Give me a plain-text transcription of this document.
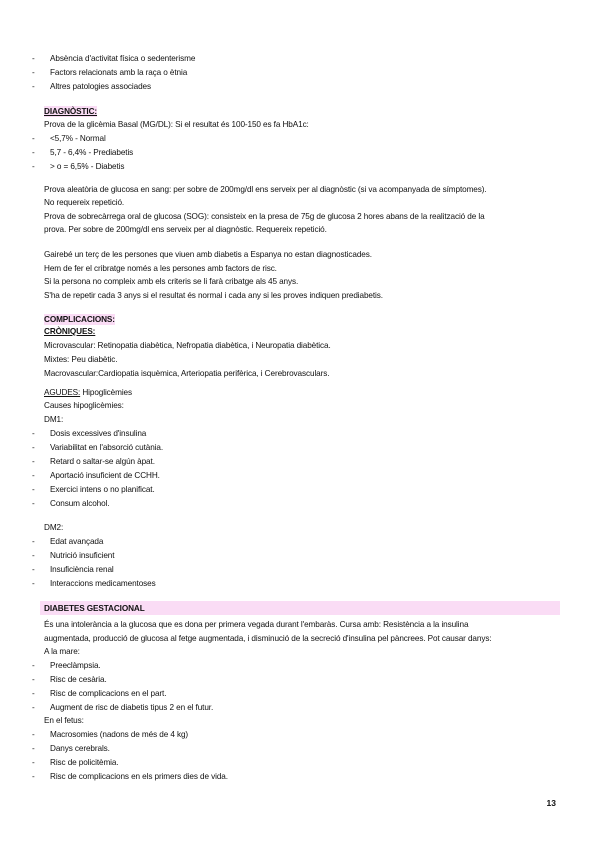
- Absència d'activitat física o sedenterisme
- Factors relacionats amb la raça o ètnia
- Altres patologies associades
DIAGNÒSTIC:
Prova de la glicèmia Basal (MG/DL): Si el resultat és 100-150 es fa HbA1c:
- <5,7% - Normal
- 5,7 - 6,4% - Prediabetis
- > o = 6,5% - Diabetis
Prova aleatòria de glucosa en sang: per sobre de 200mg/dl ens serveix per al diagnòstic (si va acompanyada de símptomes).
No requereix repetició.
Prova de sobrecàrrega oral de glucosa (SOG): consisteix en la presa de 75g de glucosa 2 hores abans de la realització de la
prova. Per sobre de 200mg/dl ens serveix per al diagnòstic. Requereix repetició.
Gairebé un terç de les persones que viuen amb diabetis a Espanya no estan diagnosticades.
Hem de fer el cribratge només a les persones amb factors de risc.
Si la persona no compleix amb els criteris se li farà cribatge als 45 anys.
S'ha de repetir cada 3 anys si el resultat és normal i cada any si les proves indiquen prediabetis.
COMPLICACIONS:
CRÒNIQUES:
Microvascular: Retinopatia diabètica, Nefropatia diabètica, i Neuropatia diabètica.
Mixtes: Peu diabètic.
Macrovascular:Cardiopatia isquèmica, Arteriopatia perifèrica, i Cerebrovasculars.
AGUDES: Hipoglicèmies
Causes hipoglicèmies:
DM1:
- Dosis excessives d'insulina
- Variabilitat en l'absorció cutània.
- Retard o saltar-se algún àpat.
- Aportació insuficient de CCHH.
- Exercici intens o no planificat.
- Consum alcohol.
DM2:
- Edat avançada
- Nutrició insuficient
- Insuficiència renal
- Interaccions medicamentoses
DIABETES GESTACIONAL
És una intolerància a la glucosa que es dona per primera vegada durant l'embaràs. Cursa amb: Resistència a la insulina
augmentada, producció de glucosa al fetge augmentada, i disminució de la secreció d'insulina pel pàncrees. Pot causar danys:
A la mare:
- Preeclàmpsia.
- Risc de cesària.
- Risc de complicacions en el part.
- Augment de risc de diabetis tipus 2 en el futur.
En el fetus:
- Macrosomies (nadons de més de 4 kg)
- Danys cerebrals.
- Risc de policitèmia.
- Risc de complicacions en els primers dies de vida.
13
